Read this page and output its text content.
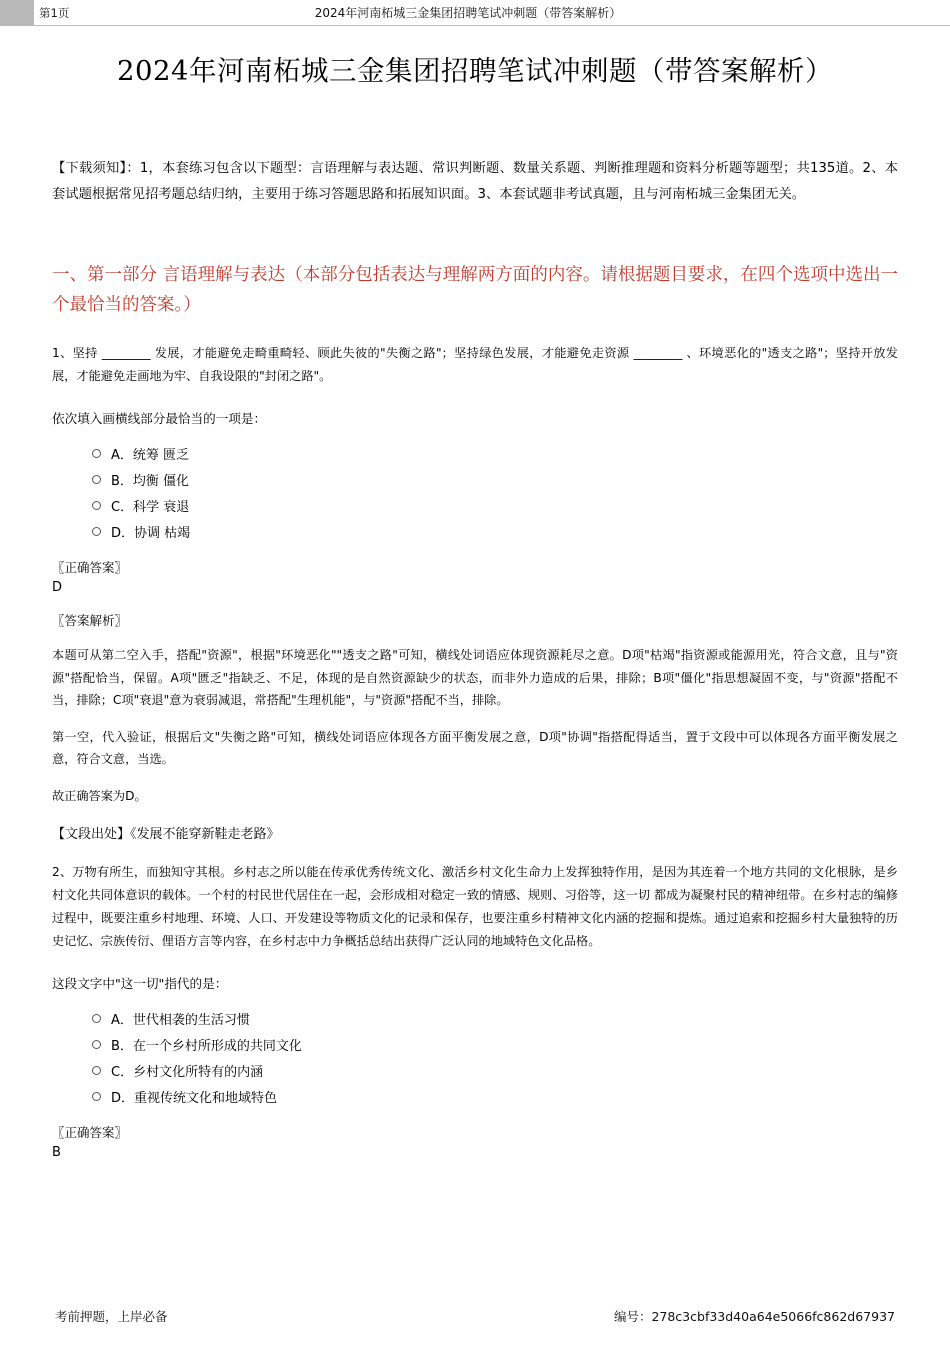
第1页	2024年河南柘城三金集团招聘笔试冲刺题（带答案解析）
2024年河南柘城三金集团招聘笔试冲刺题（带答案解析）
【下载须知】：1，本套练习包含以下题型：言语理解与表达题、常识判断题、数量关系题、判断推理题和资料分析题等题型；共135道。2、本套试题根据常见招考题总结归纳，主要用于练习答题思路和拓展知识面。3、本套试题非考试真题，且与河南柘城三金集团无关。
一、第一部分 言语理解与表达（本部分包括表达与理解两方面的内容。请根据题目要求，在四个选项中选出一个最恰当的答案。）
1、坚持 ________ 发展，才能避免走畸重畸轻、顾此失彼的"失衡之路"；坚持绿色发展，才能避免走资源 ________ 、环境恶化的"透支之路"；坚持开放发展，才能避免走画地为牢、自我设限的"封闭之路"。
依次填入画横线部分最恰当的一项是：
А．统筹 匮乏
B．均衡 僵化
C．科学 衰退
D．协调 枯竭
〖正确答案〗
D
〖答案解析〗
本题可从第二空入手，搭配"资源"，根据"环境恶化""透支之路"可知，横线处词语应体现资源耗尽之意。D项"枯竭"指资源或能源用光，符合文意，且与"资源"搭配恰当，保留。A项"匮乏"指缺乏、不足，体现的是自然资源缺少的状态，而非外力造成的后果，排除；B项"僵化"指思想凝固不变，与"资源"搭配不当，排除；C项"衰退"意为衰弱减退，常搭配"生理机能"，与"资源"搭配不当，排除。
第一空，代入验证，根据后文"失衡之路"可知，横线处词语应体现各方面平衡发展之意，D项"协调"指搭配得适当，置于文段中可以体现各方面平衡发展之意，符合文意，当选。
故正确答案为D。
【文段出处】《发展不能穿新鞋走老路》
2、万物有所生，而独知守其根。乡村志之所以能在传承优秀传统文化、激活乡村文化生命力上发挥独特作用，是因为其连着一个地方共同的文化根脉，是乡村文化共同体意识的载体。一个村的村民世代居住在一起，会形成相对稳定一致的情感、规则、习俗等，这一切 都成为凝聚村民的精神纽带。在乡村志的编修过程中，既要注重乡村地理、环境、人口、开发建设等物质文化的记录和保存，也要注重乡村精神文化内涵的挖掘和提炼。通过追索和挖掘乡村大量独特的历史记忆、宗族传衍、俚语方言等内容，在乡村志中力争概括总结出获得广泛认同的地域特色文化品格。
这段文字中"这一切"指代的是：
А．世代相袭的生活习惯
B．在一个乡村所形成的共同文化
C．乡村文化所特有的内涵
D．重视传统文化和地域特色
〖正确答案〗
B
考前押题，上岸必备	编号：278c3cbf33d40a64e5066fc862d67937
